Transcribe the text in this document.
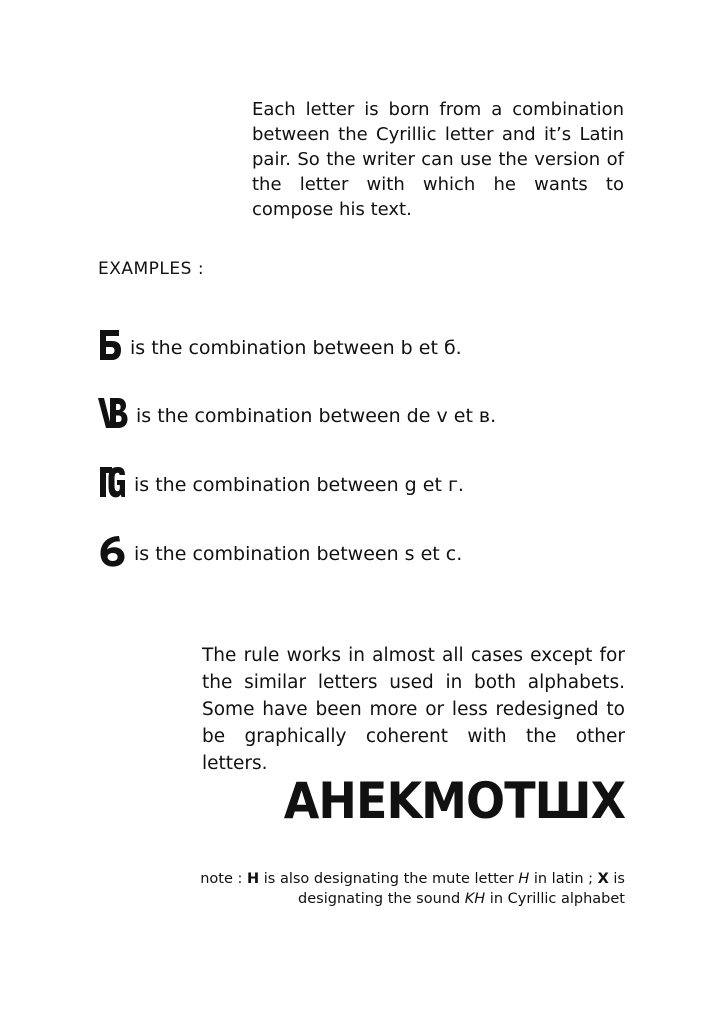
Each letter is born from a combination between the Cyrillic letter and it’s Latin pair. So the writer can use the version of the letter with which he wants to compose his text.

EXAMPLES :
is the combination between b et б.
is the combination between de v et в.
is the combination between g et г.
is the combination between s et c.

The rule works in almost all cases except for the similar letters used in both alphabets. Some have been more or less redesigned to be graphically coherent with the other letters.

AHEKMOTШX

note : H is also designating the mute letter H in latin ; X is designating the sound KH in Cyrillic alphabet
